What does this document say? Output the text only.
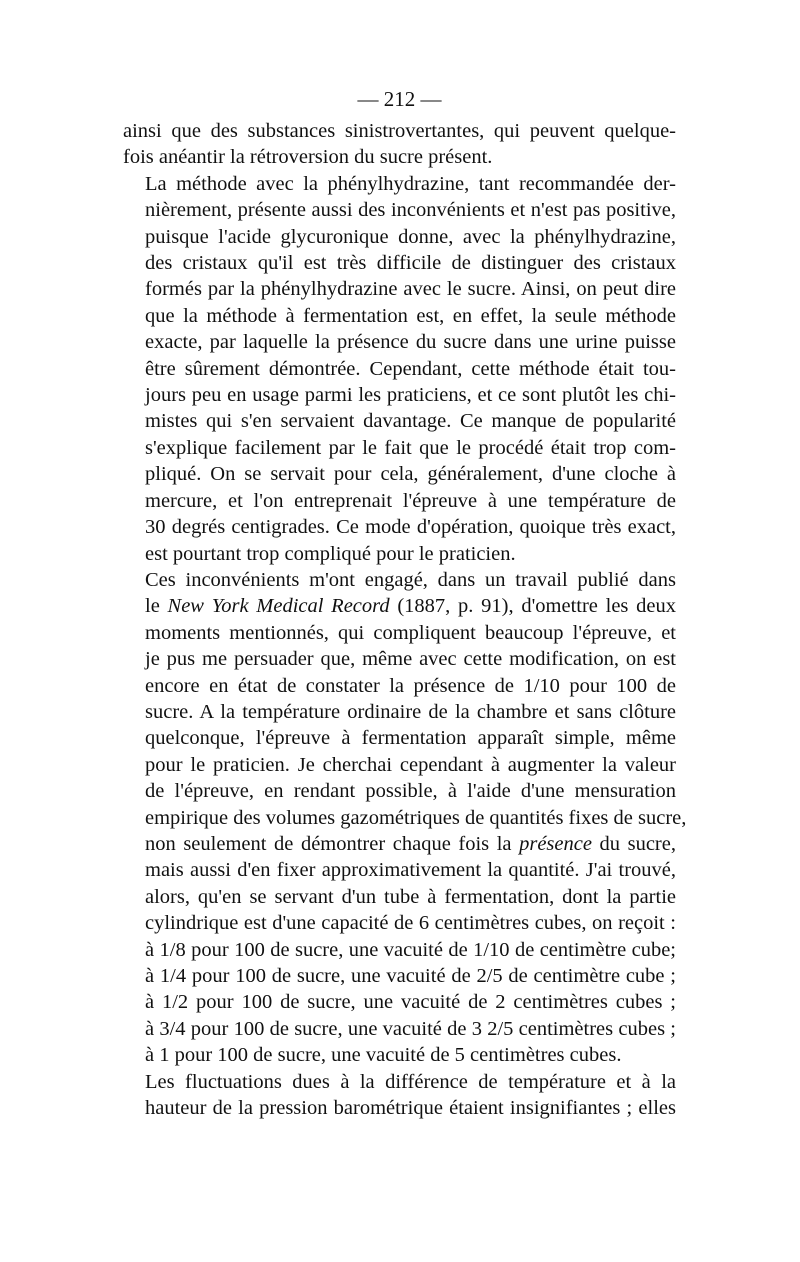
— 212 —
ainsi que des substances sinistrovertantes, qui peuvent quelque-
fois anéantir la rétroversion du sucre présent.
La méthode avec la phénylhydrazine, tant recommandée der-
nièrement, présente aussi des inconvénients et n'est pas positive,
puisque l'acide glycuronique donne, avec la phénylhydrazine,
des cristaux qu'il est très difficile de distinguer des cristaux
formés par la phénylhydrazine avec le sucre. Ainsi, on peut dire
que la méthode à fermentation est, en effet, la seule méthode
exacte, par laquelle la présence du sucre dans une urine puisse
être sûrement démontrée. Cependant, cette méthode était tou-
jours peu en usage parmi les praticiens, et ce sont plutôt les chi-
mistes qui s'en servaient davantage. Ce manque de popularité
s'explique facilement par le fait que le procédé était trop com-
pliqué. On se servait pour cela, généralement, d'une cloche à
mercure, et l'on entreprenait l'épreuve à une température de
30 degrés centigrades. Ce mode d'opération, quoique très exact,
est pourtant trop compliqué pour le praticien.
Ces inconvénients m'ont engagé, dans un travail publié dans
le New York Medical Record (1887, p. 91), d'omettre les deux
moments mentionnés, qui compliquent beaucoup l'épreuve, et
je pus me persuader que, même avec cette modification, on est
encore en état de constater la présence de 1/10 pour 100 de
sucre. A la température ordinaire de la chambre et sans clôture
quelconque, l'épreuve à fermentation apparaît simple, même
pour le praticien. Je cherchai cependant à augmenter la valeur
de l'épreuve, en rendant possible, à l'aide d'une mensuration
empirique des volumes gazométriques de quantités fixes de sucre,
non seulement de démontrer chaque fois la présence du sucre,
mais aussi d'en fixer approximativement la quantité. J'ai trouvé,
alors, qu'en se servant d'un tube à fermentation, dont la partie
cylindrique est d'une capacité de 6 centimètres cubes, on reçoit :
à 1/8 pour 100 de sucre, une vacuité de 1/10 de centimètre cube;
à 1/4 pour 100 de sucre, une vacuité de 2/5 de centimètre cube ;
à 1/2 pour 100 de sucre, une vacuité de 2 centimètres cubes ;
à 3/4 pour 100 de sucre, une vacuité de 3 2/5 centimètres cubes ;
à 1 pour 100 de sucre, une vacuité de 5 centimètres cubes.
Les fluctuations dues à la différence de température et à la
hauteur de la pression barométrique étaient insignifiantes ; elles
